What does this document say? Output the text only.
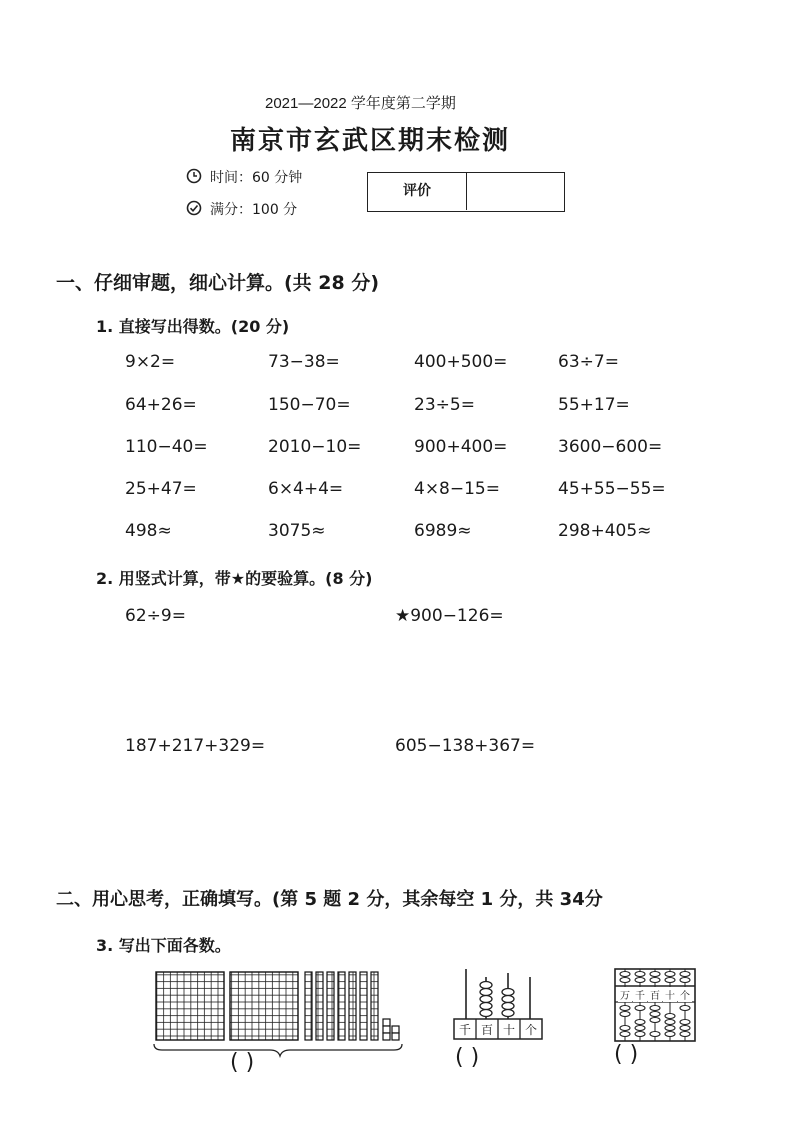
2021—2022 学年度第二学期
南京市玄武区期末检测
时间：60 分钟
满分：100 分
评价
一、仔细审题，细心计算。(共 28 分)
1. 直接写出得数。(20 分)
9×2=	73−38=	400+500=	63÷7=
64+26=	150−70=	23÷5=	55+17=
110−40=	2010−10=	900+400=	3600−600=
25+47=	6×4+4=	4×8−15=	45+55−55=
498≈	3075≈	6989≈	298+405≈
2. 用竖式计算，带★的要验算。(8 分)
62÷9=	★900−126=
187+217+329=	605−138+367=
二、用心思考，正确填写。(第 5 题 2 分，其余每空 1 分，共 34分
3. 写出下面各数。
( )
千 百 十 个
( )
万 千 百 十 个
( )
